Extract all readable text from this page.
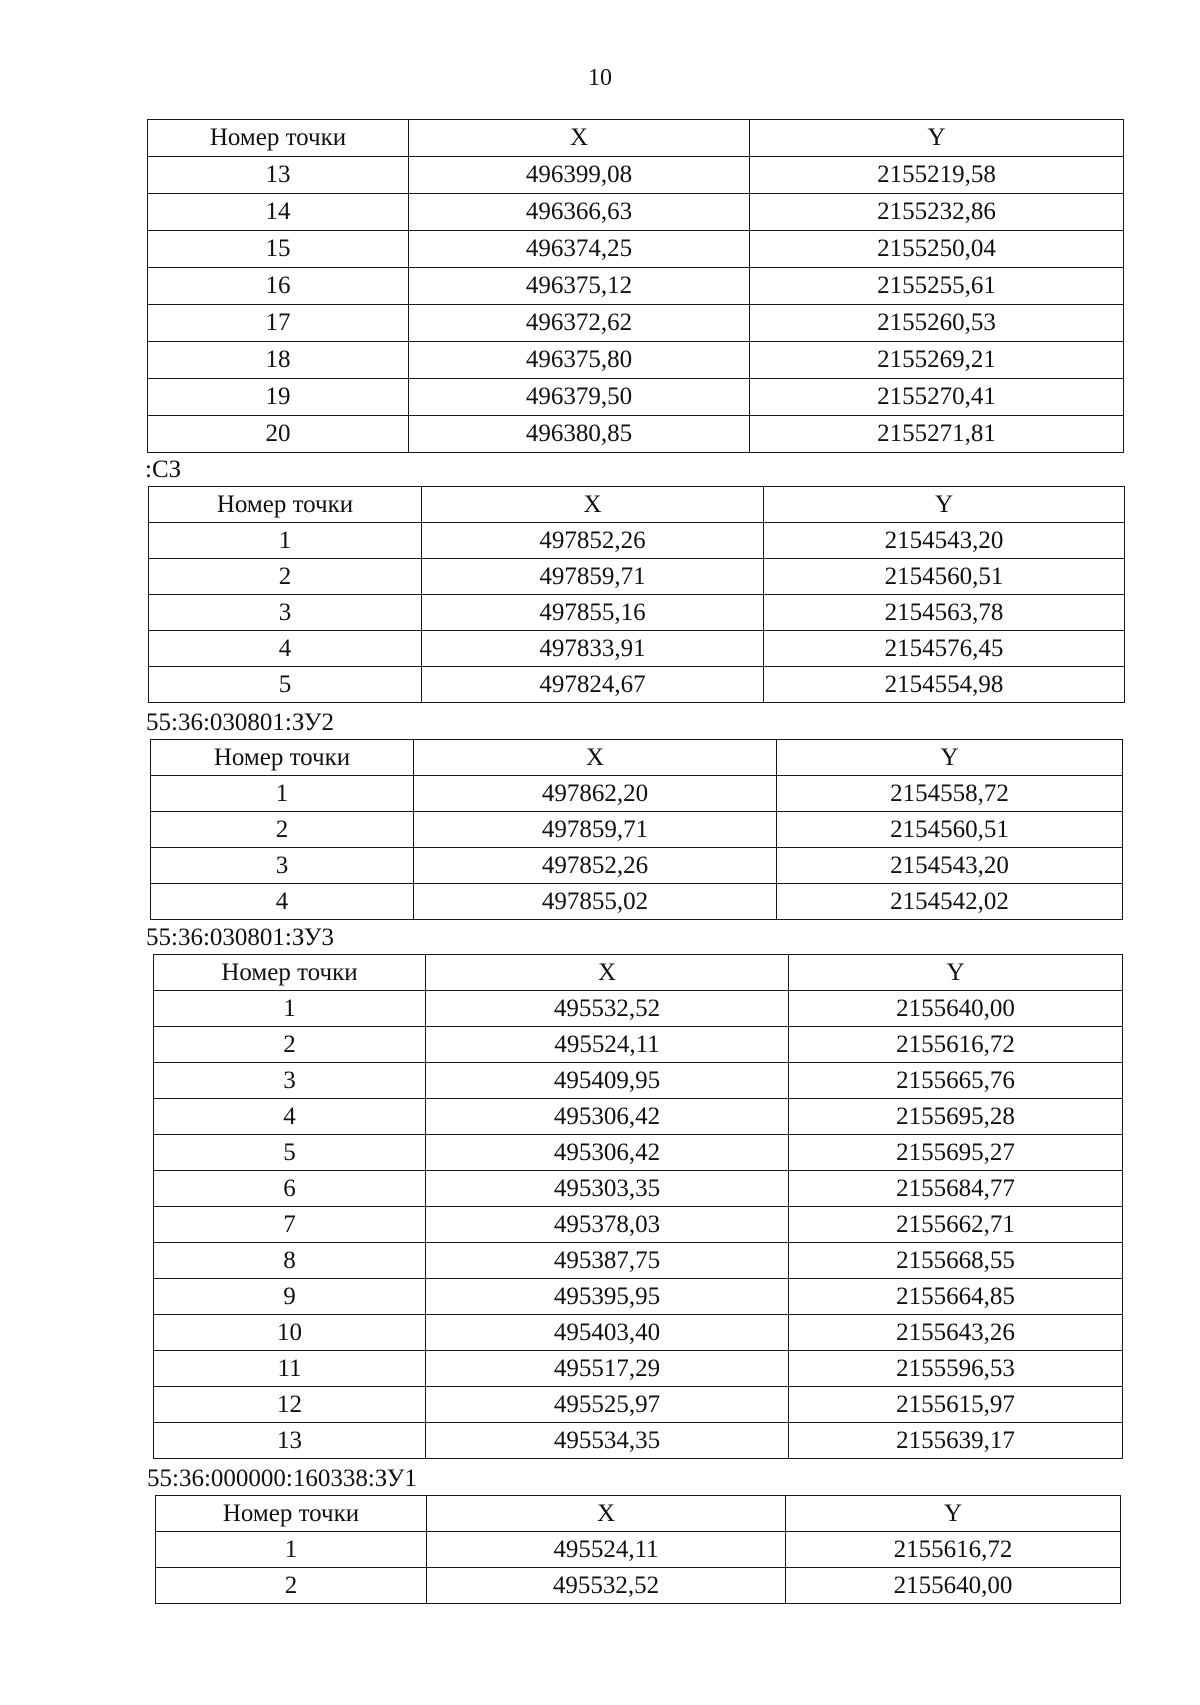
10
Номер точки	X	Y
13	496399,08	2155219,58
14	496366,63	2155232,86
15	496374,25	2155250,04
16	496375,12	2155255,61
17	496372,62	2155260,53
18	496375,80	2155269,21
19	496379,50	2155270,41
20	496380,85	2155271,81
:СЗ
Номер точки	X	Y
1	497852,26	2154543,20
2	497859,71	2154560,51
3	497855,16	2154563,78
4	497833,91	2154576,45
5	497824,67	2154554,98
55:36:030801:ЗУ2
Номер точки	X	Y
1	497862,20	2154558,72
2	497859,71	2154560,51
3	497852,26	2154543,20
4	497855,02	2154542,02
55:36:030801:ЗУ3
Номер точки	X	Y
1	495532,52	2155640,00
2	495524,11	2155616,72
3	495409,95	2155665,76
4	495306,42	2155695,28
5	495306,42	2155695,27
6	495303,35	2155684,77
7	495378,03	2155662,71
8	495387,75	2155668,55
9	495395,95	2155664,85
10	495403,40	2155643,26
11	495517,29	2155596,53
12	495525,97	2155615,97
13	495534,35	2155639,17
55:36:000000:160338:ЗУ1
Номер точки	X	Y
1	495524,11	2155616,72
2	495532,52	2155640,00
